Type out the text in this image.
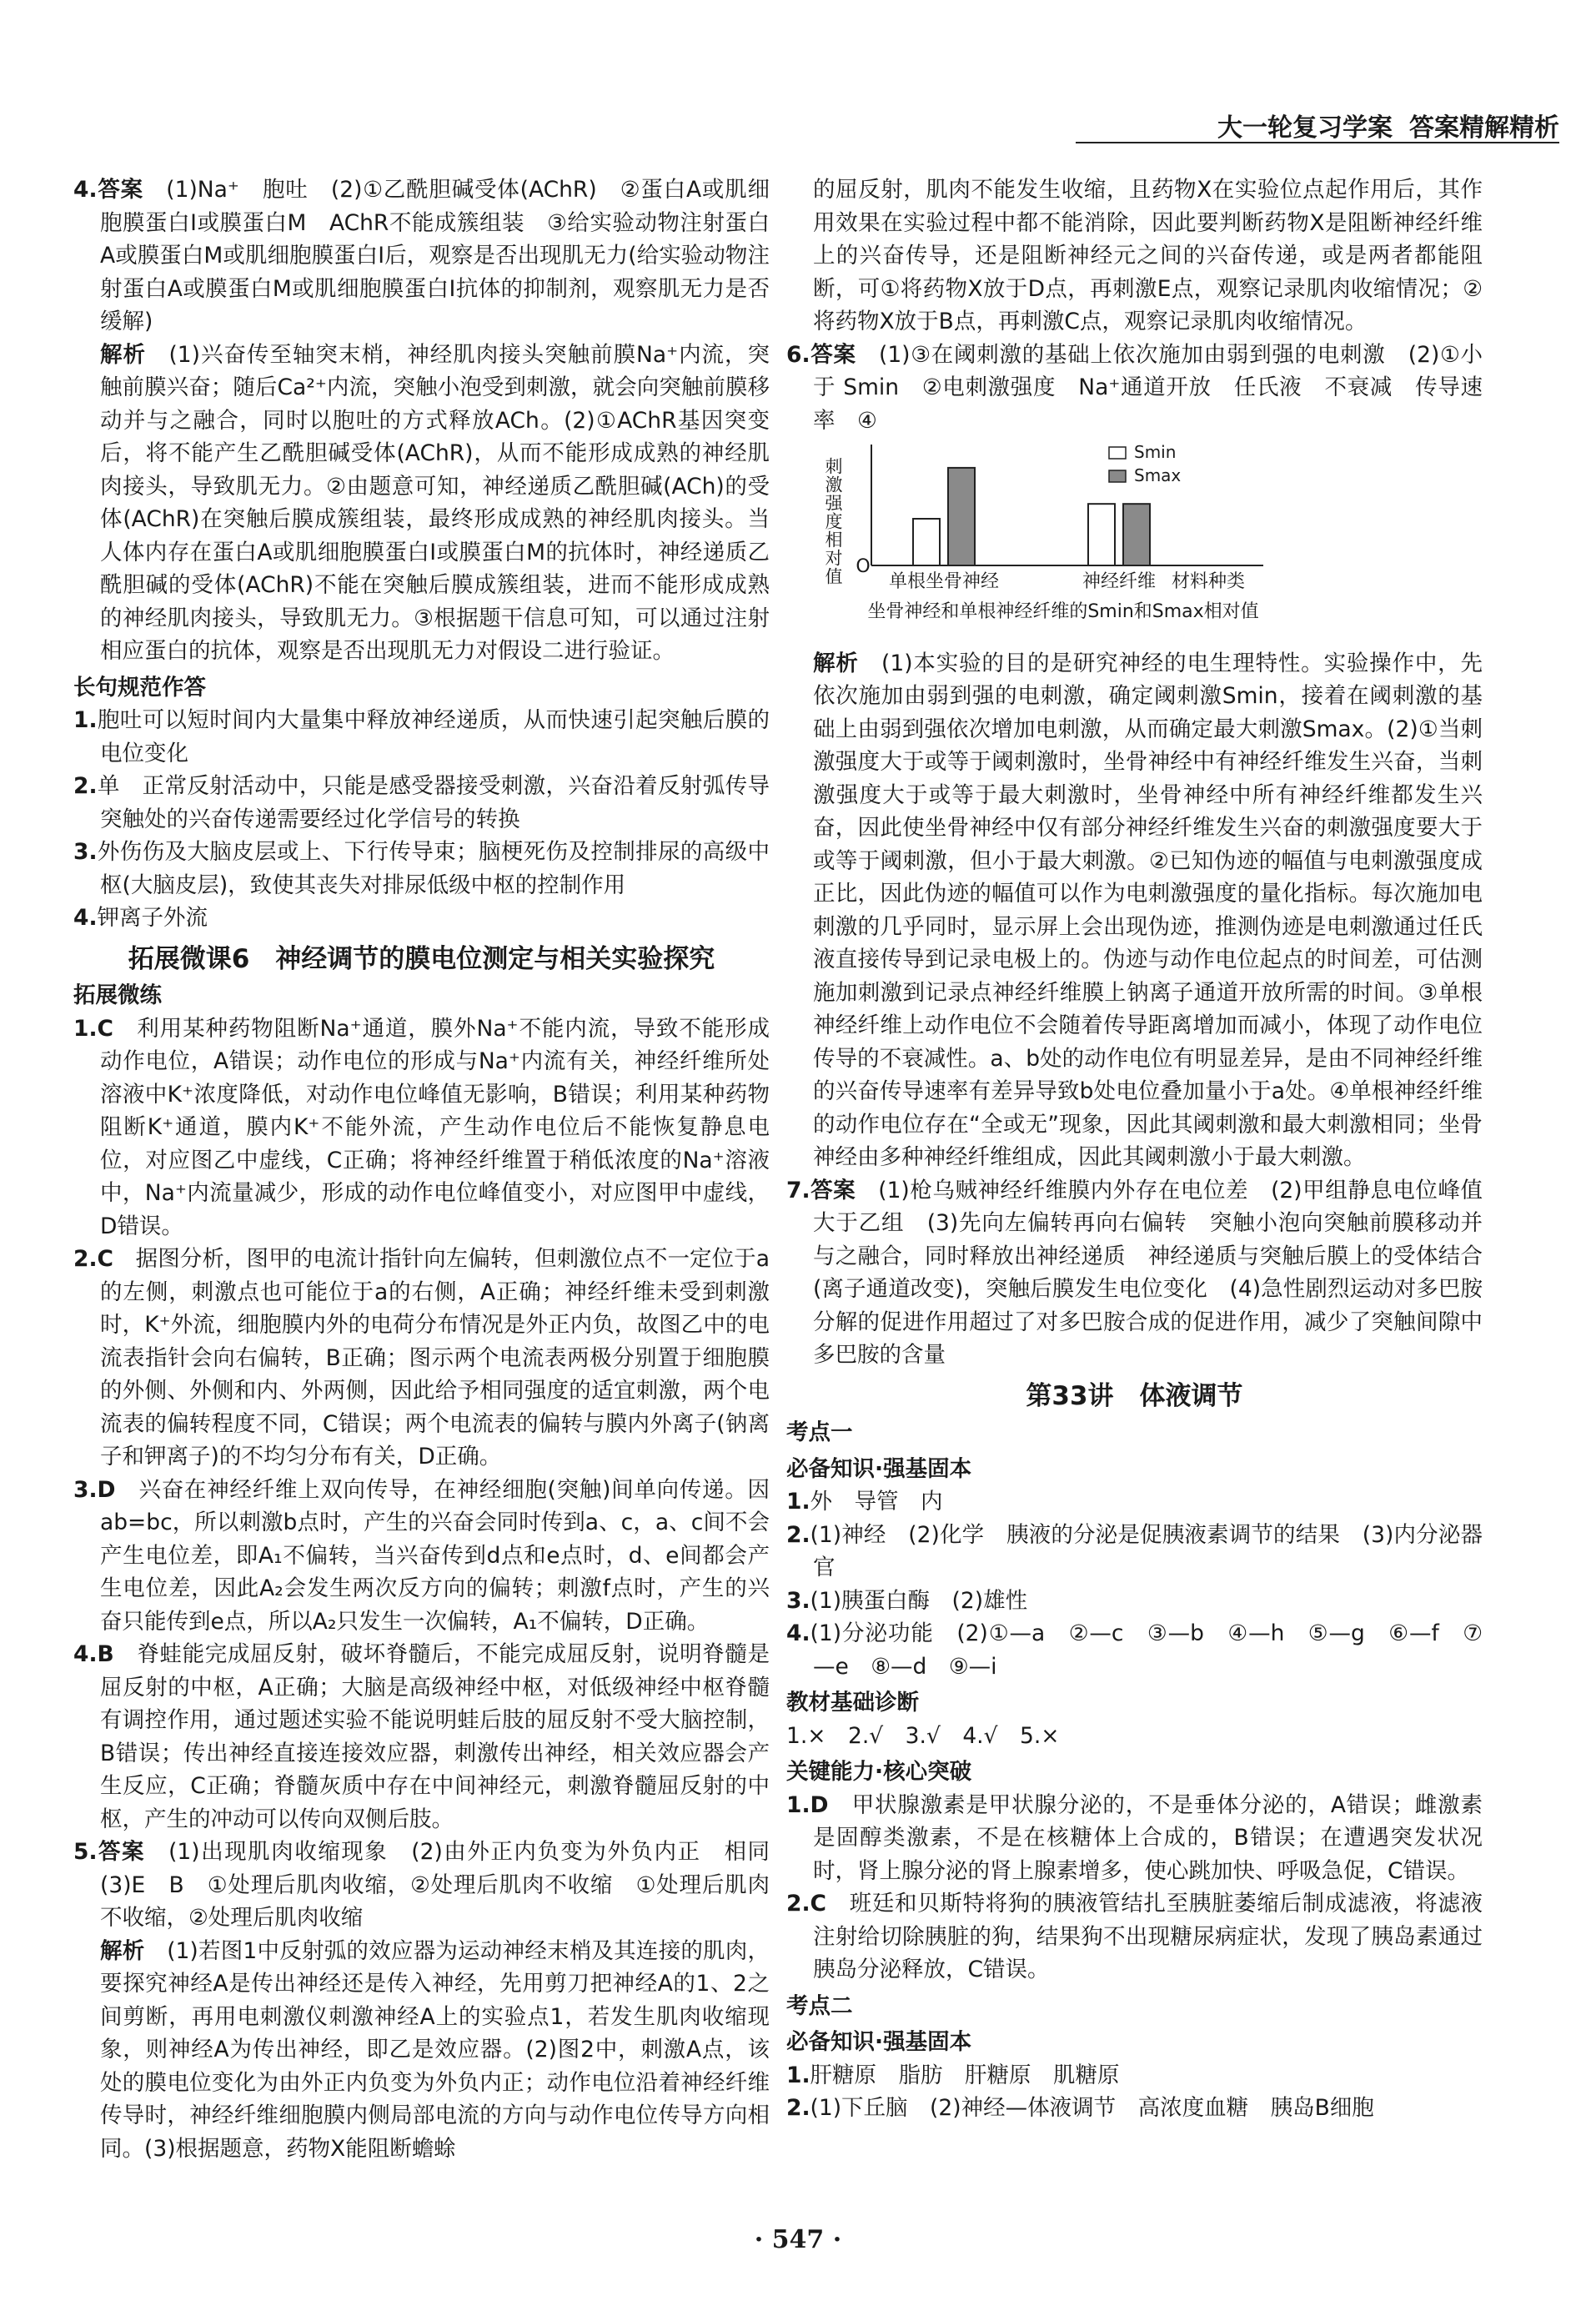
大一轮复习学案 答案精解精析

4.答案　 (1)Na⁺　胞吐　(2)①乙酰胆碱受体(AChR)　②蛋白A或肌细胞膜蛋白Ⅰ或膜蛋白M　AChR不能成簇组装　③给实验动物注射蛋白A或膜蛋白M或肌细胞膜蛋白Ⅰ后，观察是否出现肌无力(给实验动物注射蛋白A或膜蛋白M或肌细胞膜蛋白Ⅰ抗体的抑制剂，观察肌无力是否缓解)

解析　 (1)兴奋传至轴突末梢，神经肌肉接头突触前膜Na⁺内流，突触前膜兴奋；随后Ca²⁺内流，突触小泡受到刺激，就会向突触前膜移动并与之融合，同时以胞吐的方式释放ACh。(2)①AChR基因突变后，将不能产生乙酰胆碱受体(AChR)，从而不能形成成熟的神经肌肉接头，导致肌无力。②由题意可知，神经递质乙酰胆碱(ACh)的受体(AChR)在突触后膜成簇组装，最终形成成熟的神经肌肉接头。当人体内存在蛋白A或肌细胞膜蛋白Ⅰ或膜蛋白M的抗体时，神经递质乙酰胆碱的受体(AChR)不能在突触后膜成簇组装，进而不能形成成熟的神经肌肉接头，导致肌无力。③根据题干信息可知，可以通过注射相应蛋白的抗体，观察是否出现肌无力对假设二进行验证。

长句规范作答

1.胞吐可以短时间内大量集中释放神经递质，从而快速引起突触后膜的电位变化

2.单　正常反射活动中，只能是感受器接受刺激，兴奋沿着反射弧传导　突触处的兴奋传递需要经过化学信号的转换

3.外伤伤及大脑皮层或上、下行传导束；脑梗死伤及控制排尿的高级中枢(大脑皮层)，致使其丧失对排尿低级中枢的控制作用

4.钾离子外流

拓展微课6　神经调节的膜电位测定与相关实验探究

拓展微练

1.C　利用某种药物阻断Na⁺通道，膜外Na⁺不能内流，导致不能形成动作电位，A错误；动作电位的形成与Na⁺内流有关，神经纤维所处溶液中K⁺浓度降低，对动作电位峰值无影响，B错误；利用某种药物阻断K⁺通道，膜内K⁺不能外流，产生动作电位后不能恢复静息电位，对应图乙中虚线，C正确；将神经纤维置于稍低浓度的Na⁺溶液中，Na⁺内流量减少，形成的动作电位峰值变小，对应图甲中虚线，D错误。

2.C　据图分析，图甲的电流计指针向左偏转，但刺激位点不一定位于a的左侧，刺激点也可能位于a的右侧，A正确；神经纤维未受到刺激时，K⁺外流，细胞膜内外的电荷分布情况是外正内负，故图乙中的电流表指针会向右偏转，B正确；图示两个电流表两极分别置于细胞膜的外侧、外侧和内、外两侧，因此给予相同强度的适宜刺激，两个电流表的偏转程度不同，C错误；两个电流表的偏转与膜内外离子(钠离子和钾离子)的不均匀分布有关，D正确。

3.D　兴奋在神经纤维上双向传导，在神经细胞(突触)间单向传递。因ab=bc，所以刺激b点时，产生的兴奋会同时传到a、c，a、c间不会产生电位差，即A₁不偏转，当兴奋传到d点和e点时，d、e间都会产生电位差，因此A₂会发生两次反方向的偏转；刺激f点时，产生的兴奋只能传到e点，所以A₂只发生一次偏转，A₁不偏转，D正确。

4.B　脊蛙能完成屈反射，破坏脊髓后，不能完成屈反射，说明脊髓是屈反射的中枢，A正确；大脑是高级神经中枢，对低级神经中枢脊髓有调控作用，通过题述实验不能说明蛙后肢的屈反射不受大脑控制，B错误；传出神经直接连接效应器，刺激传出神经，相关效应器会产生反应，C正确；脊髓灰质中存在中间神经元，刺激脊髓屈反射的中枢，产生的冲动可以传向双侧后肢。

5.答案　 (1)出现肌肉收缩现象　(2)由外正内负变为外负内正　相同　(3)E　B　①处理后肌肉收缩，②处理后肌肉不收缩　①处理后肌肉不收缩，②处理后肌肉收缩

解析　 (1)若图1中反射弧的效应器为运动神经末梢及其连接的肌肉，要探究神经A是传出神经还是传入神经，先用剪刀把神经A的1、2之间剪断，再用电刺激仪刺激神经A上的实验点1，若发生肌肉收缩现象，则神经A为传出神经，即乙是效应器。(2)图2中，刺激A点，该处的膜电位变化为由外正内负变为外负内正；动作电位沿着神经纤维传导时，神经纤维细胞膜内侧局部电流的方向与动作电位传导方向相同。(3)根据题意，药物X能阻断蟾蜍

的屈反射，肌肉不能发生收缩，且药物X在实验位点起作用后，其作用效果在实验过程中都不能消除，因此要判断药物X是阻断神经纤维上的兴奋传导，还是阻断神经元之间的兴奋传递，或是两者都能阻断，可①将药物X放于D点，再刺激E点，观察记录肌肉收缩情况；②将药物X放于B点，再刺激C点，观察记录肌肉收缩情况。

6.答案　 (1)③在阈刺激的基础上依次施加由弱到强的电刺激　(2)①小于 Smin　②电刺激强度　Na⁺通道开放　任氏液　不衰减　传导速率　④

刺激强度相对值 O
单根坐骨神经	神经纤维 材料种类
Smin
Smax
坐骨神经和单根神经纤维的Smin和Smax相对值

解析　 (1)本实验的目的是研究神经的电生理特性。实验操作中，先依次施加由弱到强的电刺激，确定阈刺激Smin，接着在阈刺激的基础上由弱到强依次增加电刺激，从而确定最大刺激Smax。(2)①当刺激强度大于或等于阈刺激时，坐骨神经中有神经纤维发生兴奋，当刺激强度大于或等于最大刺激时，坐骨神经中所有神经纤维都发生兴奋，因此使坐骨神经中仅有部分神经纤维发生兴奋的刺激强度要大于或等于阈刺激，但小于最大刺激。②已知伪迹的幅值与电刺激强度成正比，因此伪迹的幅值可以作为电刺激强度的量化指标。每次施加电刺激的几乎同时，显示屏上会出现伪迹，推测伪迹是电刺激通过任氏液直接传导到记录电极上的。伪迹与动作电位起点的时间差，可估测施加刺激到记录点神经纤维膜上钠离子通道开放所需的时间。③单根神经纤维上动作电位不会随着传导距离增加而减小，体现了动作电位传导的不衰减性。a、b处的动作电位有明显差异，是由不同神经纤维的兴奋传导速率有差异导致b处电位叠加量小于a处。④单根神经纤维的动作电位存在“全或无”现象，因此其阈刺激和最大刺激相同；坐骨神经由多种神经纤维组成，因此其阈刺激小于最大刺激。

7.答案　 (1)枪乌贼神经纤维膜内外存在电位差　(2)甲组静息电位峰值大于乙组　(3)先向左偏转再向右偏转　突触小泡向突触前膜移动并与之融合，同时释放出神经递质　神经递质与突触后膜上的受体结合(离子通道改变)，突触后膜发生电位变化　(4)急性剧烈运动对多巴胺分解的促进作用超过了对多巴胺合成的促进作用，减少了突触间隙中多巴胺的含量

第33讲　体液调节

考点一

必备知识·强基固本

1.外　导管　内

2.(1)神经　(2)化学　胰液的分泌是促胰液素调节的结果　(3)内分泌器官

3.(1)胰蛋白酶　(2)雄性

4.(1)分泌功能　(2)①—a　②—c　③—b　④—h　⑤—g　⑥—f　⑦—e　⑧—d　⑨—i

教材基础诊断

1.×　2.√　3.√　4.√　5.×

关键能力·核心突破

1.D　甲状腺激素是甲状腺分泌的，不是垂体分泌的，A错误；雌激素是固醇类激素，不是在核糖体上合成的，B错误；在遭遇突发状况时，肾上腺分泌的肾上腺素增多，使心跳加快、呼吸急促，C错误。

2.C　班廷和贝斯特将狗的胰液管结扎至胰脏萎缩后制成滤液，将滤液注射给切除胰脏的狗，结果狗不出现糖尿病症状，发现了胰岛素通过胰岛分泌释放，C错误。

考点二

必备知识·强基固本

1.肝糖原　脂肪　肝糖原　肌糖原

2.(1)下丘脑　(2)神经—体液调节　高浓度血糖　胰岛B细胞

· 547 ·
